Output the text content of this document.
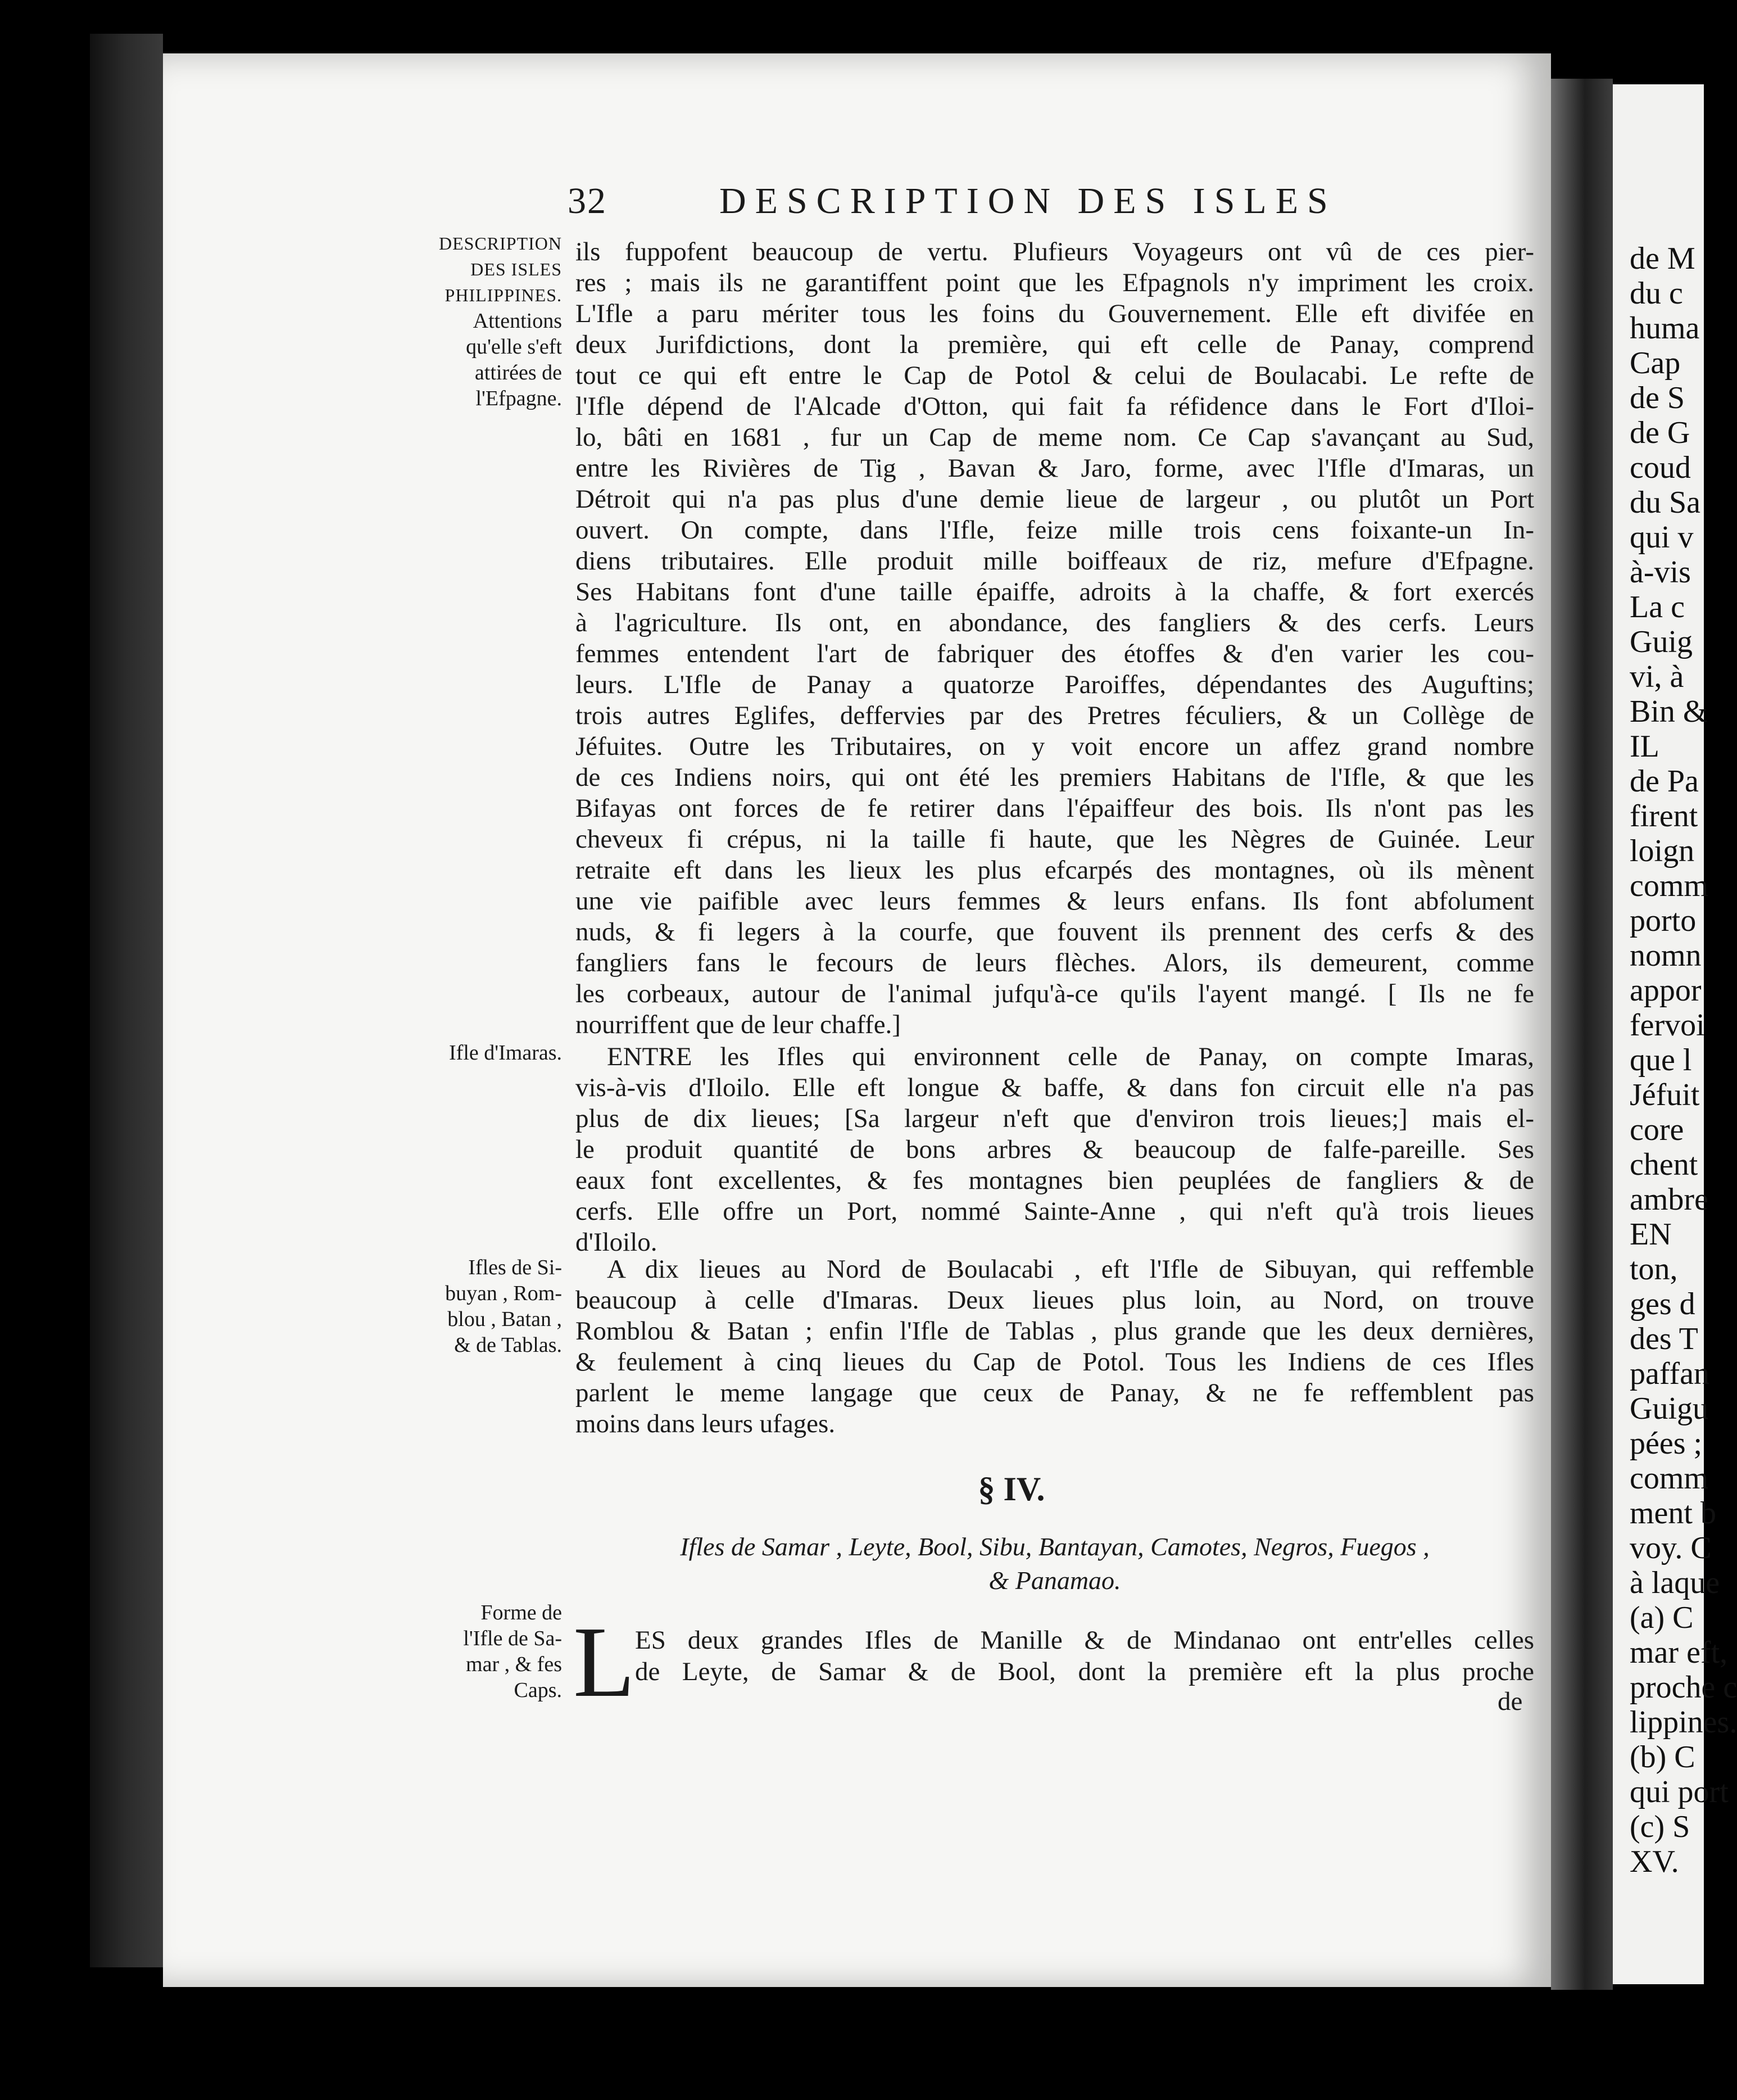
de M
du c
huma
Cap
de S
de G
coud
du Sa
qui v
à-vis
La c
Guig
vi, à
Bin &
IL
de Pa
firent
loign
comm
porto
nomn
appor
fervoi
que l
Jéfuit
core
chent
ambre
EN
ton,
ges d
des T
paffan
Guigu
pées ;
comm
ment b
voy. C
à laque
(a) C
mar eft,
proche c
lippines.
(b) C
qui port
(c) S
XV.
32	DESCRIPTION DES ISLES
DESCRIPTION
DES ISLES
PHILIPPINES.
Attentions
qu'elle s'eft
attirées de
l'Efpagne.
Ifle d'Imaras.
Ifles de Si-
buyan , Rom-
blou , Batan ,
& de Tablas.
Forme de
l'Ifle de Sa-
mar , & fes
Caps.
ils fuppofent beaucoup de vertu. Plufieurs Voyageurs ont vû de ces pier-
res ; mais ils ne garantiffent point que les Efpagnols n'y impriment les croix.
L'Ifle a paru mériter tous les foins du Gouvernement. Elle eft divifée en
deux Jurifdictions, dont la première, qui eft celle de Panay, comprend
tout ce qui eft entre le Cap de Potol & celui de Boulacabi. Le refte de
l'Ifle dépend de l'Alcade d'Otton, qui fait fa réfidence dans le Fort d'Iloi-
lo, bâti en 1681 , fur un Cap de meme nom. Ce Cap s'avançant au Sud,
entre les Rivières de Tig , Bavan & Jaro, forme, avec l'Ifle d'Imaras, un
Détroit qui n'a pas plus d'une demie lieue de largeur , ou plutôt un Port
ouvert. On compte, dans l'Ifle, feize mille trois cens foixante-un In-
diens tributaires. Elle produit mille boiffeaux de riz, mefure d'Efpagne.
Ses Habitans font d'une taille épaiffe, adroits à la chaffe, & fort exercés
à l'agriculture. Ils ont, en abondance, des fangliers & des cerfs. Leurs
femmes entendent l'art de fabriquer des étoffes & d'en varier les cou-
leurs. L'Ifle de Panay a quatorze Paroiffes, dépendantes des Auguftins;
trois autres Eglifes, deffervies par des Pretres féculiers, & un Collège de
Jéfuites. Outre les Tributaires, on y voit encore un affez grand nombre
de ces Indiens noirs, qui ont été les premiers Habitans de l'Ifle, & que les
Bifayas ont forces de fe retirer dans l'épaiffeur des bois. Ils n'ont pas les
cheveux fi crépus, ni la taille fi haute, que les Nègres de Guinée. Leur
retraite eft dans les lieux les plus efcarpés des montagnes, où ils mènent
une vie paifible avec leurs femmes & leurs enfans. Ils font abfolument
nuds, & fi legers à la courfe, que fouvent ils prennent des cerfs & des
fangliers fans le fecours de leurs flèches. Alors, ils demeurent, comme
les corbeaux, autour de l'animal jufqu'à-ce qu'ils l'ayent mangé. [ Ils ne fe
nourriffent que de leur chaffe.]
ENTRE les Ifles qui environnent celle de Panay, on compte Imaras,
vis-à-vis d'Iloilo. Elle eft longue & baffe, & dans fon circuit elle n'a pas
plus de dix lieues; [Sa largeur n'eft que d'environ trois lieues;] mais el-
le produit quantité de bons arbres & beaucoup de falfe-pareille. Ses
eaux font excellentes, & fes montagnes bien peuplées de fangliers & de
cerfs. Elle offre un Port, nommé Sainte-Anne , qui n'eft qu'à trois lieues
d'Iloilo.
A dix lieues au Nord de Boulacabi , eft l'Ifle de Sibuyan, qui reffemble
beaucoup à celle d'Imaras. Deux lieues plus loin, au Nord, on trouve
Romblou & Batan ; enfin l'Ifle de Tablas , plus grande que les deux dernières,
& feulement à cinq lieues du Cap de Potol. Tous les Indiens de ces Ifles
parlent le meme langage que ceux de Panay, & ne fe reffemblent pas
moins dans leurs ufages.
§ IV.
Ifles de Samar , Leyte, Bool, Sibu, Bantayan, Camotes, Negros, Fuegos ,
& Panamao.
L ES deux grandes Ifles de Manille & de Mindanao ont entr'elles celles
de Leyte, de Samar & de Bool, dont la première eft la plus proche
de
